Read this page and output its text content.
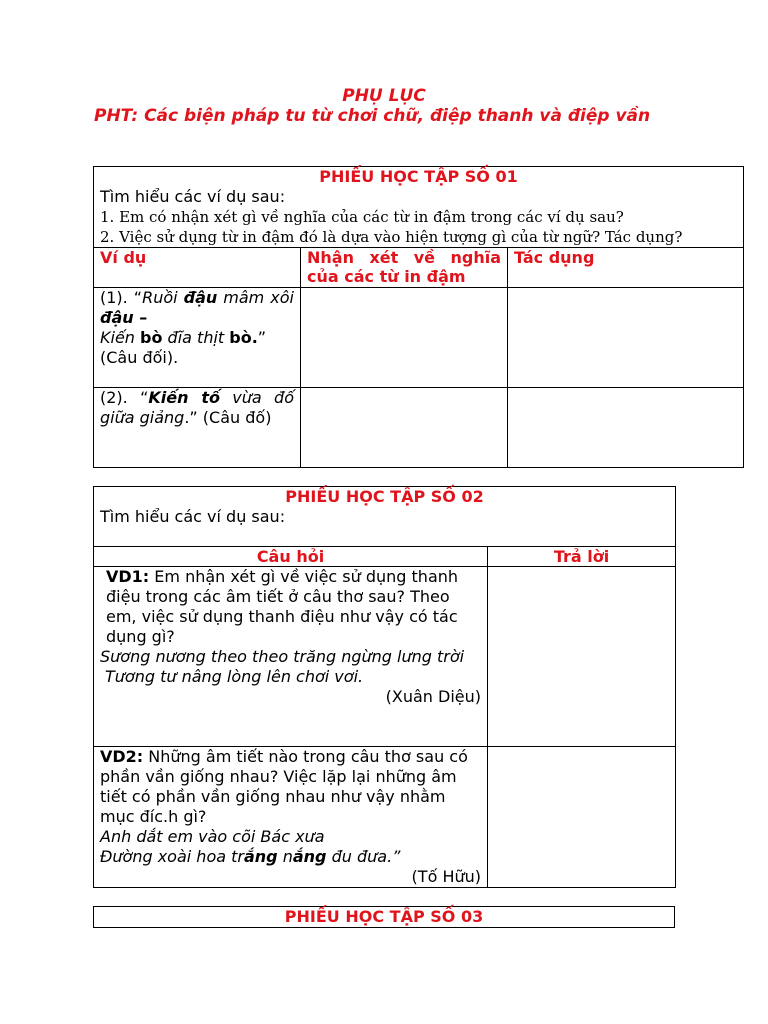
PHỤ LỤC
PHT: Các biện pháp tu từ chơi chữ, điệp thanh và điệp vần
PHIẾU HỌC TẬP SỐ 01
Tìm hiểu các ví dụ sau:
1. Em có nhận xét gì về nghĩa của các từ in đậm trong các ví dụ sau?
2. Việc sử dụng từ in đậm đó là dựa vào hiện tượng gì của từ ngữ? Tác dụng?		

Ví dụ	Nhận xét về nghĩa của các từ in đậm	Tác dụng
(1). “Ruồi đậu mâm xôi đậu –
Kiến bò đĩa thịt bò.”
(Câu đối).		
(2). “Kiến tố vừa đố giữa giảng.” (Câu đố)		
PHIẾU HỌC TẬP SỐ 02
Tìm hiểu các ví dụ sau:	

Câu hỏi	Trả lời

VD1: Em nhận xét gì về việc sử dụng thanh điệu trong các âm tiết ở câu thơ sau? Theo em, việc sử dụng thanh điệu như vậy có tác dụng gì?
Sương nương theo theo trăng ngừng lưng trời
Tương tư nâng lòng lên chơi vơi.
(Xuân Diệu)	

VD2: Những âm tiết nào trong câu thơ sau có phần vần giống nhau? Việc lặp lại những âm tiết có phần vần giống nhau như vậy nhằm mục đíc.h gì?
Anh dắt em vào cõi Bác xưa
Đường xoài hoa trắng nắng đu đưa.”
(Tố Hữu)	

PHIẾU HỌC TẬP SỐ 03
